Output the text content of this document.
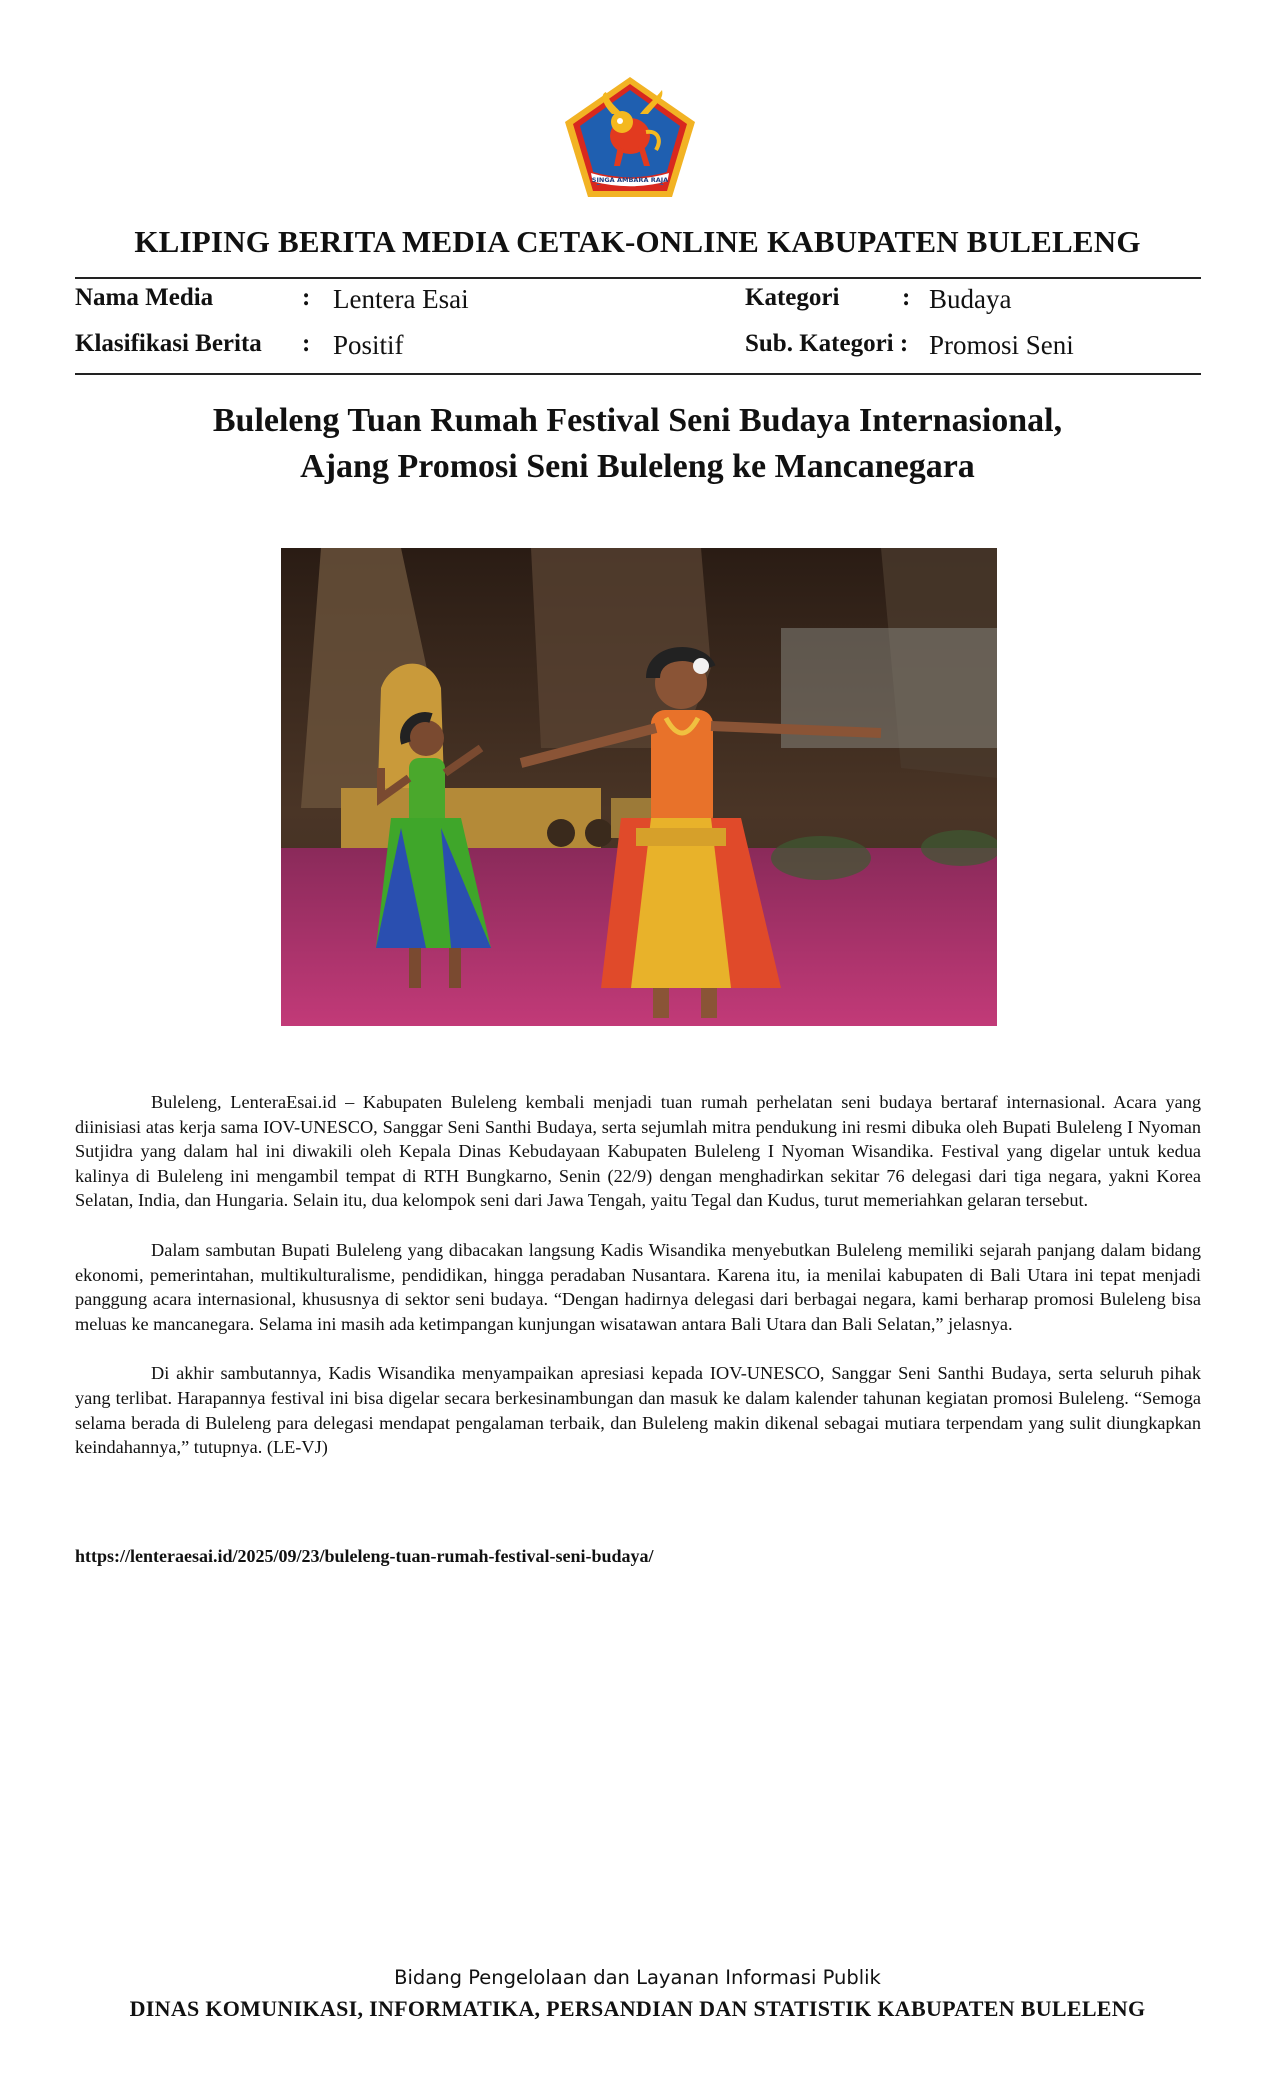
SINGA AMBARA RAJA
KLIPING BERITA MEDIA CETAK-ONLINE KABUPATEN BULELENG
Nama Media	: Lentera Esai	Kategori	: Budaya
Klasifikasi Berita : Positif	Sub. Kategori : Promosi Seni
Buleleng Tuan Rumah Festival Seni Budaya Internasional,
Ajang Promosi Seni Buleleng ke Mancanegara

Buleleng, LenteraEsai.id – Kabupaten Buleleng kembali menjadi tuan rumah perhelatan seni budaya bertaraf internasional. Acara yang diinisiasi atas kerja sama IOV-UNESCO, Sanggar Seni Santhi Budaya, serta sejumlah mitra pendukung ini resmi dibuka oleh Bupati Buleleng I Nyoman Sutjidra yang dalam hal ini diwakili oleh Kepala Dinas Kebudayaan Kabupaten Buleleng I Nyoman Wisandika. Festival yang digelar untuk kedua kalinya di Buleleng ini mengambil tempat di RTH Bungkarno, Senin (22/9) dengan menghadirkan sekitar 76 delegasi dari tiga negara, yakni Korea Selatan, India, dan Hungaria. Selain itu, dua kelompok seni dari Jawa Tengah, yaitu Tegal dan Kudus, turut memeriahkan gelaran tersebut.

Dalam sambutan Bupati Buleleng yang dibacakan langsung Kadis Wisandika menyebutkan Buleleng memiliki sejarah panjang dalam bidang ekonomi, pemerintahan, multikulturalisme, pendidikan, hingga peradaban Nusantara. Karena itu, ia menilai kabupaten di Bali Utara ini tepat menjadi panggung acara internasional, khususnya di sektor seni budaya. “Dengan hadirnya delegasi dari berbagai negara, kami berharap promosi Buleleng bisa meluas ke mancanegara. Selama ini masih ada ketimpangan kunjungan wisatawan antara Bali Utara dan Bali Selatan,” jelasnya.

Di akhir sambutannya, Kadis Wisandika menyampaikan apresiasi kepada IOV-UNESCO, Sanggar Seni Santhi Budaya, serta seluruh pihak yang terlibat. Harapannya festival ini bisa digelar secara berkesinambungan dan masuk ke dalam kalender tahunan kegiatan promosi Buleleng. “Semoga selama berada di Buleleng para delegasi mendapat pengalaman terbaik, dan Buleleng makin dikenal sebagai mutiara terpendam yang sulit diungkapkan keindahannya,” tutupnya. (LE-VJ)

https://lenteraesai.id/2025/09/23/buleleng-tuan-rumah-festival-seni-budaya/
Bidang Pengelolaan dan Layanan Informasi Publik
DINAS KOMUNIKASI, INFORMATIKA, PERSANDIAN DAN STATISTIK KABUPATEN BULELENG
